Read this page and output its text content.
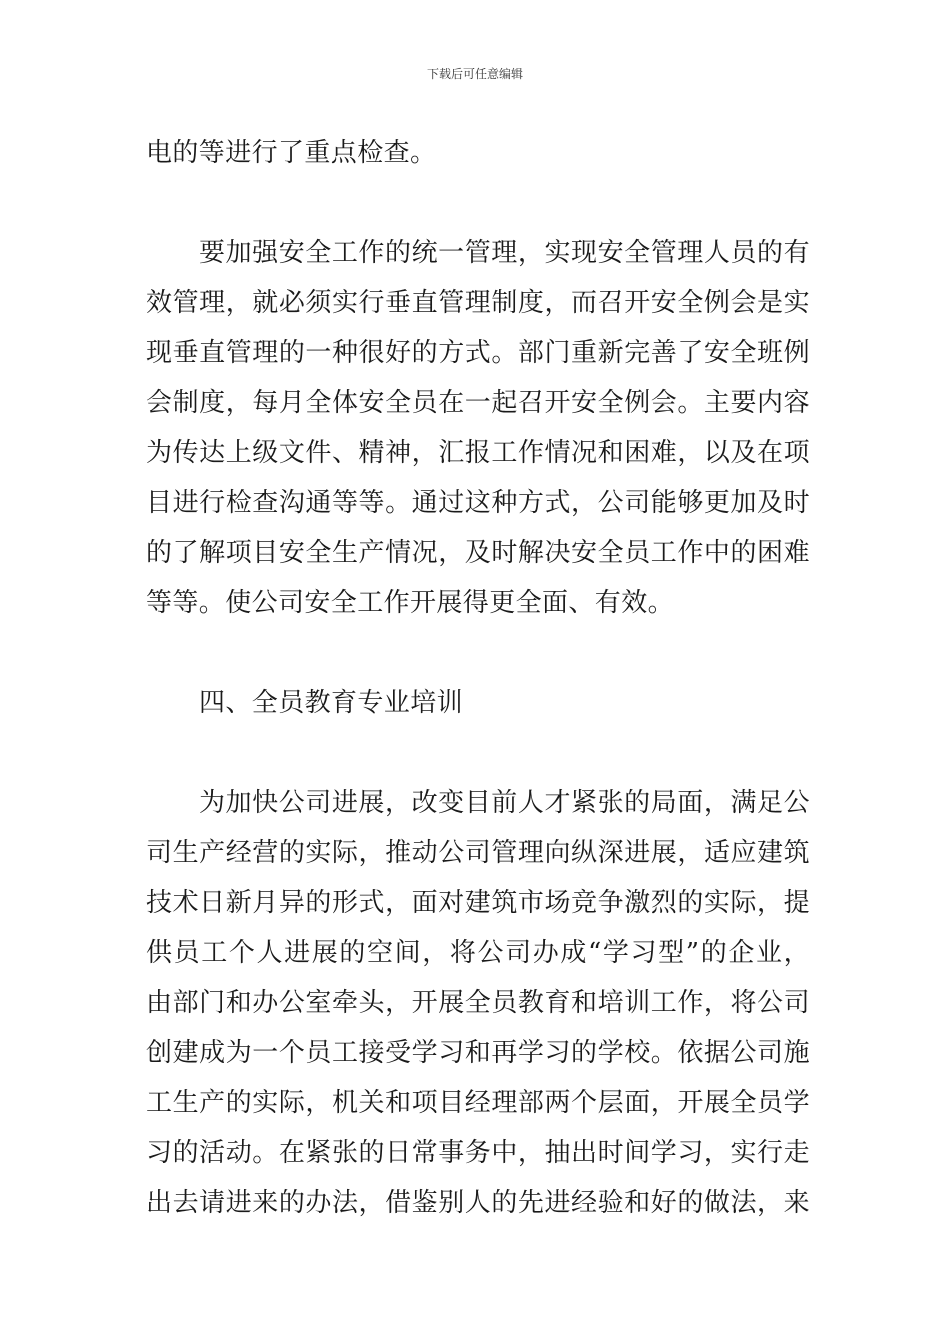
下载后可任意编辑
电的等进行了重点检查。
要加强安全工作的统一管理，实现安全管理人员的有
效管理，就必须实行垂直管理制度，而召开安全例会是实
现垂直管理的一种很好的方式。部门重新完善了安全班例
会制度，每月全体安全员在一起召开安全例会。主要内容
为传达上级文件、精神，汇报工作情况和困难，以及在项
目进行检查沟通等等。通过这种方式，公司能够更加及时
的了解项目安全生产情况，及时解决安全员工作中的困难
等等。使公司安全工作开展得更全面、有效。
四、全员教育专业培训
为加快公司进展，改变目前人才紧张的局面，满足公
司生产经营的实际，推动公司管理向纵深进展，适应建筑
技术日新月异的形式，面对建筑市场竞争激烈的实际，提
供员工个人进展的空间，将公司办成“学习型”的企业，
由部门和办公室牵头，开展全员教育和培训工作，将公司
创建成为一个员工接受学习和再学习的学校。依据公司施
工生产的实际，机关和项目经理部两个层面，开展全员学
习的活动。在紧张的日常事务中，抽出时间学习，实行走
出去请进来的办法，借鉴别人的先进经验和好的做法，来
